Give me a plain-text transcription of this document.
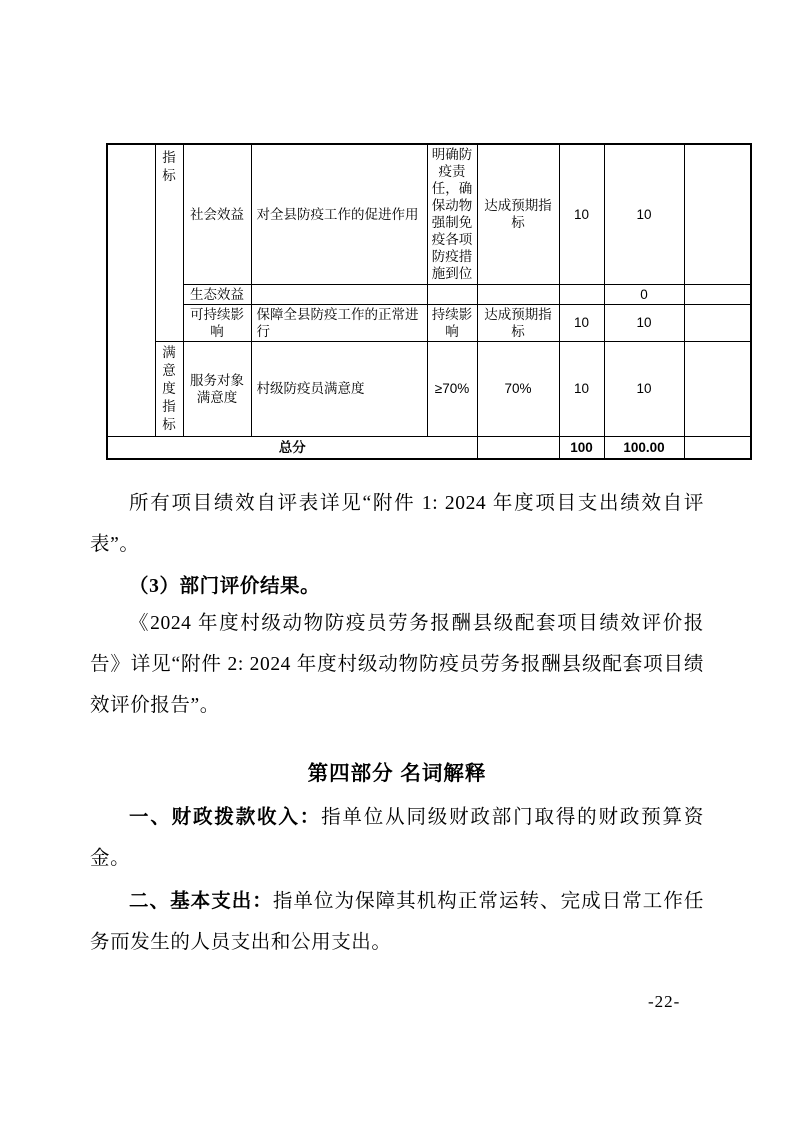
	指标	社会效益	对全县防疫工作的促进作用	明确防疫责任，确保动物强制免疫各项防疫措施到位	达成预期指标	10	10	
		生态效益					0	
		可持续影响	保障全县防疫工作的正常进行	持续影响	达成预期指标	10	10	
	满意度指标	服务对象满意度	村级防疫员满意度	≥70%	70%	10	10	
总分						100	100.00	

所有项目绩效自评表详见“附件 1: 2024 年度项目支出绩效自评表”。

（3）部门评价结果。

《2024 年度村级动物防疫员劳务报酬县级配套项目绩效评价报告》详见“附件 2: 2024 年度村级动物防疫员劳务报酬县级配套项目绩效评价报告”。

第四部分 名词解释

一、财政拨款收入：指单位从同级财政部门取得的财政预算资金。

二、基本支出：指单位为保障其机构正常运转、完成日常工作任务而发生的人员支出和公用支出。

-22-
